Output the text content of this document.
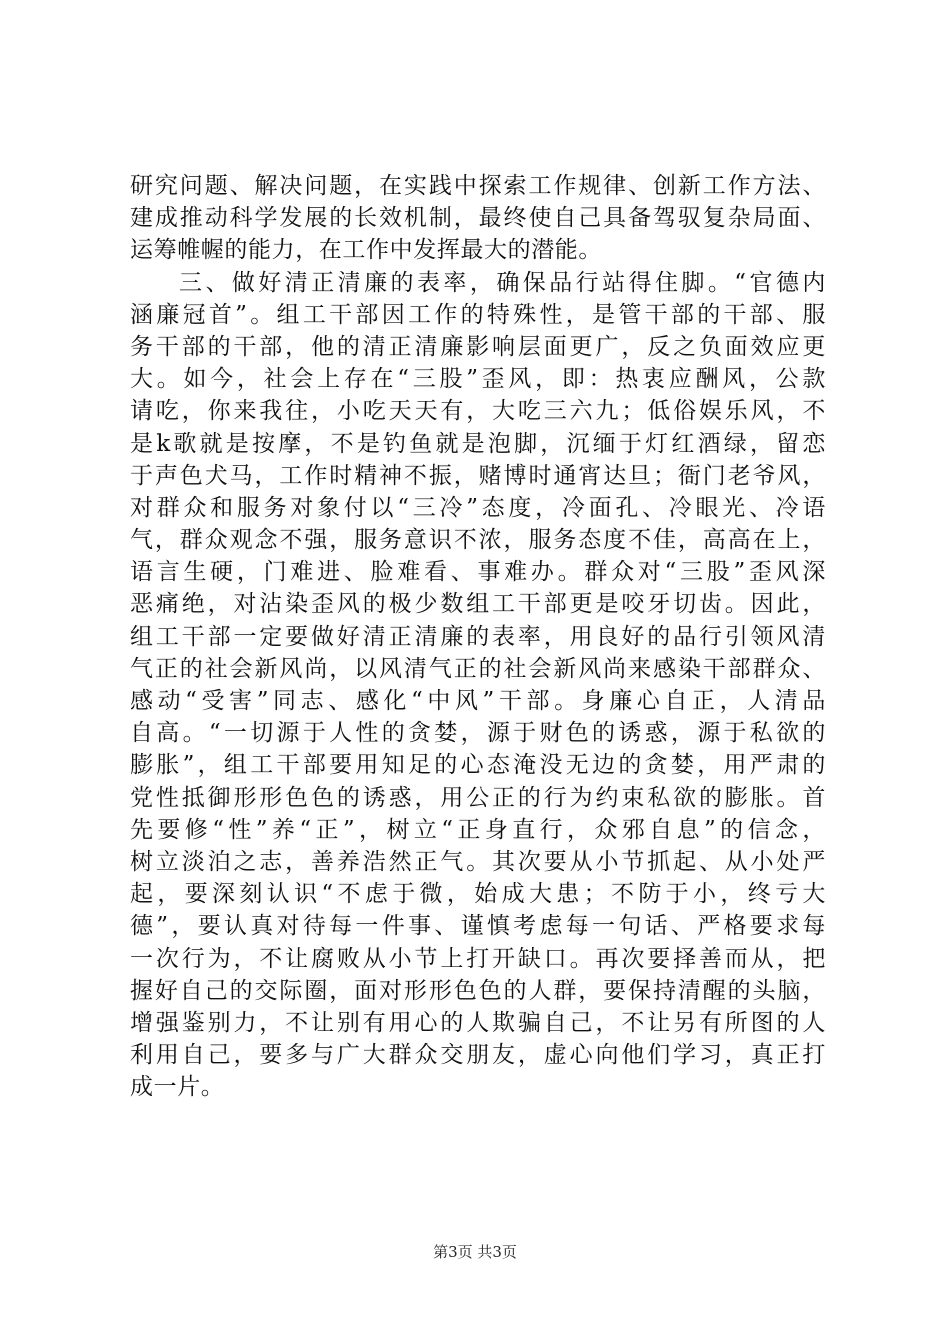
研究问题、解决问题，在实践中探索工作规律、创新工作方法、
建成推动科学发展的长效机制，最终使自己具备驾驭复杂局面、
运筹帷幄的能力，在工作中发挥最大的潜能。
三、做好清正清廉的表率，确保品行站得住脚。“官德内
涵廉冠首”。组工干部因工作的特殊性，是管干部的干部、服
务干部的干部，他的清正清廉影响层面更广，反之负面效应更
大。如今，社会上存在“三股”歪风，即：热衷应酬风，公款
请吃，你来我往，小吃天天有，大吃三六九；低俗娱乐风，不
是k歌就是按摩，不是钓鱼就是泡脚，沉缅于灯红酒绿，留恋
于声色犬马，工作时精神不振，赌博时通宵达旦；衙门老爷风，
对群众和服务对象付以“三冷”态度，冷面孔、冷眼光、冷语
气，群众观念不强，服务意识不浓，服务态度不佳，高高在上，
语言生硬，门难进、脸难看、事难办。群众对“三股”歪风深
恶痛绝，对沾染歪风的极少数组工干部更是咬牙切齿。因此，
组工干部一定要做好清正清廉的表率，用良好的品行引领风清
气正的社会新风尚，以风清气正的社会新风尚来感染干部群众、
感动“受害”同志、感化“中风”干部。身廉心自正，人清品
自高。“一切源于人性的贪婪，源于财色的诱惑，源于私欲的
膨胀”，组工干部要用知足的心态淹没无边的贪婪，用严肃的
党性抵御形形色色的诱惑，用公正的行为约束私欲的膨胀。首
先要修“性”养“正”，树立“正身直行，众邪自息”的信念，
树立淡泊之志，善养浩然正气。其次要从小节抓起、从小处严
起，要深刻认识“不虑于微，始成大患；不防于小，终亏大
德”，要认真对待每一件事、谨慎考虑每一句话、严格要求每
一次行为，不让腐败从小节上打开缺口。再次要择善而从，把
握好自己的交际圈，面对形形色色的人群，要保持清醒的头脑，
增强鉴别力，不让别有用心的人欺骗自己，不让另有所图的人
利用自己，要多与广大群众交朋友，虚心向他们学习，真正打
成一片。
第3页 共3页
